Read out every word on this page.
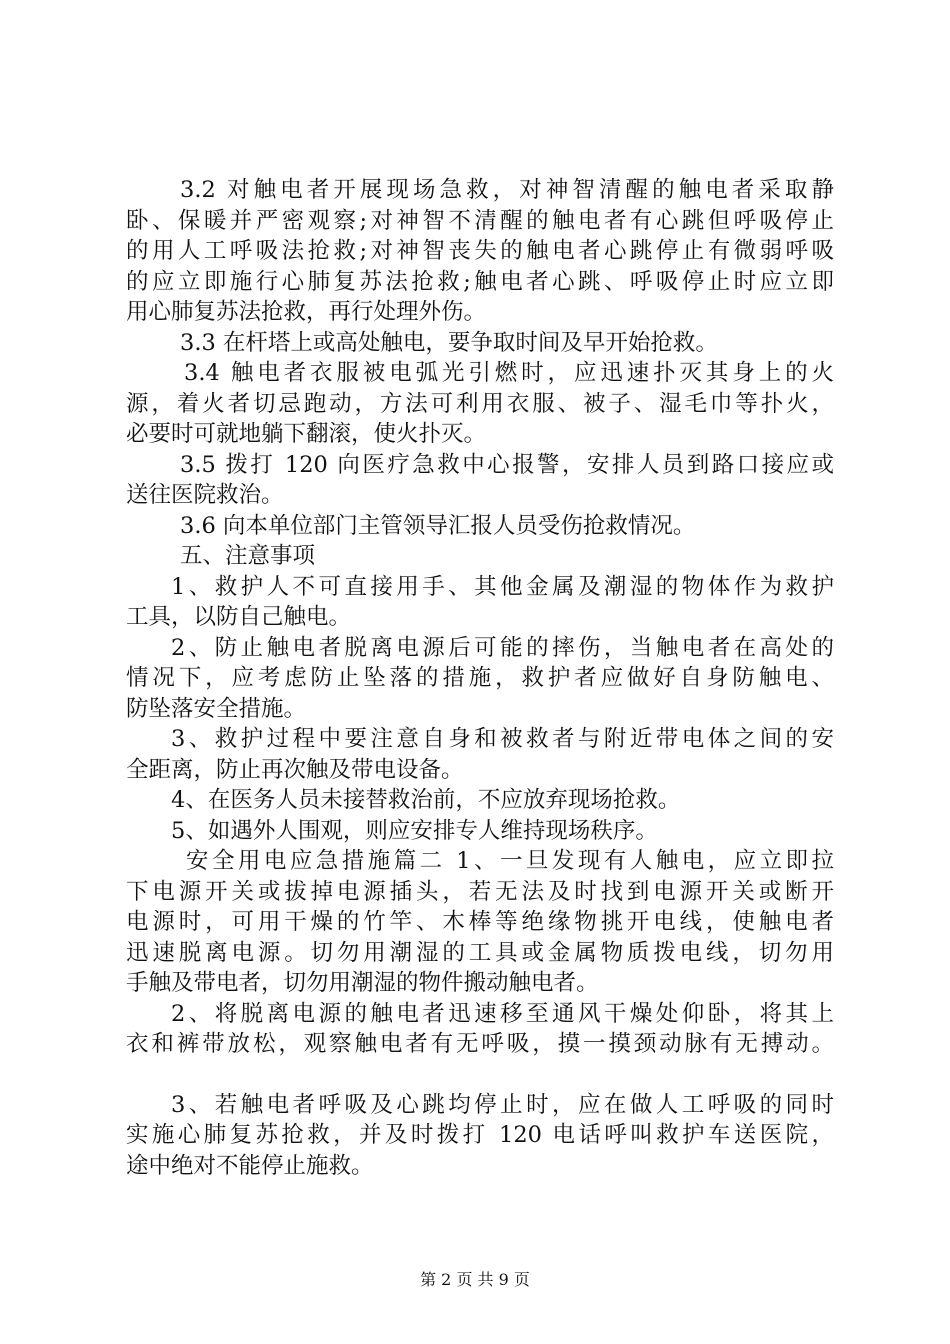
3.2 对触电者开展现场急救，对神智清醒的触电者采取静
卧、保暖并严密观察;对神智不清醒的触电者有心跳但呼吸停止
的用人工呼吸法抢救;对神智丧失的触电者心跳停止有微弱呼吸
的应立即施行心肺复苏法抢救;触电者心跳、呼吸停止时应立即
用心肺复苏法抢救，再行处理外伤。
3.3 在杆塔上或高处触电，要争取时间及早开始抢救。
3.4 触电者衣服被电弧光引燃时，应迅速扑灭其身上的火
源，着火者切忌跑动，方法可利用衣服、被子、湿毛巾等扑火，
必要时可就地躺下翻滚，使火扑灭。
3.5 拨打 120 向医疗急救中心报警，安排人员到路口接应或
送往医院救治。
3.6 向本单位部门主管领导汇报人员受伤抢救情况。
五、注意事项
1、救护人不可直接用手、其他金属及潮湿的物体作为救护
工具，以防自己触电。
2、防止触电者脱离电源后可能的摔伤，当触电者在高处的
情况下，应考虑防止坠落的措施，救护者应做好自身防触电、
防坠落安全措施。
3、救护过程中要注意自身和被救者与附近带电体之间的安
全距离，防止再次触及带电设备。
4、在医务人员未接替救治前，不应放弃现场抢救。
5、如遇外人围观，则应安排专人维持现场秩序。
安全用电应急措施篇二 1、一旦发现有人触电，应立即拉
下电源开关或拔掉电源插头，若无法及时找到电源开关或断开
电源时，可用干燥的竹竿、木棒等绝缘物挑开电线，使触电者
迅速脱离电源。切勿用潮湿的工具或金属物质拨电线，切勿用
手触及带电者，切勿用潮湿的物件搬动触电者。
2、将脱离电源的触电者迅速移至通风干燥处仰卧，将其上
衣和裤带放松，观察触电者有无呼吸，摸一摸颈动脉有无搏动。
3、若触电者呼吸及心跳均停止时，应在做人工呼吸的同时
实施心肺复苏抢救，并及时拨打 120 电话呼叫救护车送医院，
途中绝对不能停止施救。
第 2 页 共 9 页
